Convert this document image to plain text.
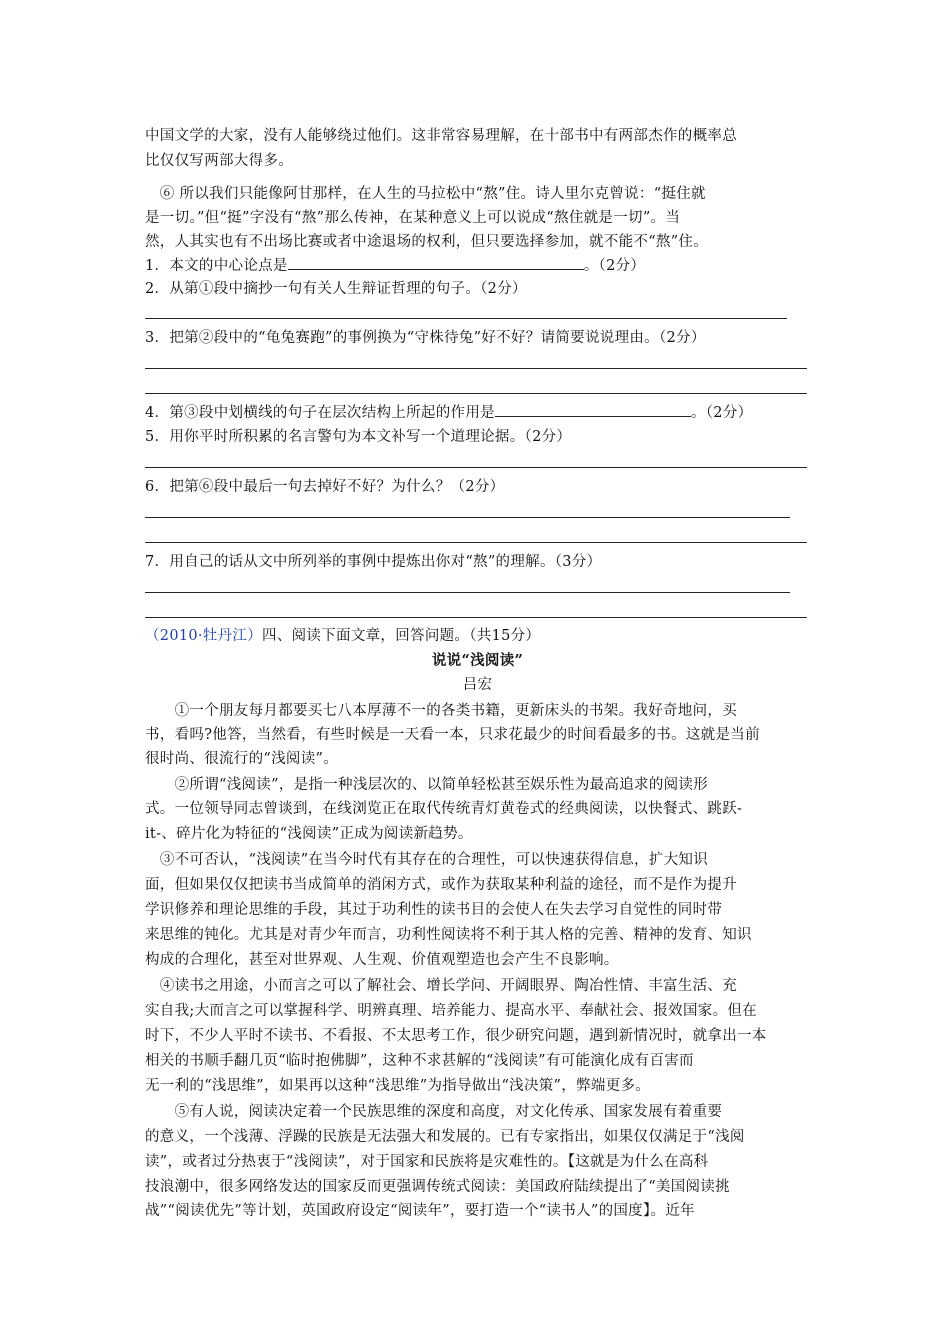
中国文学的大家，没有人能够绕过他们。这非常容易理解，在十部书中有两部杰作的概率总
比仅仅写两部大得多。
　⑥ 所以我们只能像阿甘那样，在人生的马拉松中“熬”住。诗人里尔克曾说：“挺住就
是一切。”但“挺”字没有“熬”那么传神，在某种意义上可以说成“熬住就是一切”。当
然，人其实也有不出场比赛或者中途退场的权利，但只要选择参加，就不能不“熬”住。
1．本文的中心论点是	。（2分）
2．从第①段中摘抄一句有关人生辩证哲理的句子。（2分）
3．把第②段中的“龟兔赛跑”的事例换为“守株待兔”好不好？请简要说说理由。（2分）
4．第③段中划横线的句子在层次结构上所起的作用是	。（2分）
5．用你平时所积累的名言警句为本文补写一个道理论据。（2分）
6．把第⑥段中最后一句去掉好不好？为什么？（2分）
7．用自己的话从文中所列举的事例中提炼出你对“熬”的理解。（3分）
（2010·牡丹江）四、阅读下面文章，回答问题。（共15分）
说说“浅阅读”
吕宏
　　①一个朋友每月都要买七八本厚薄不一的各类书籍，更新床头的书架。我好奇地问，买
书，看吗?他答，当然看，有些时候是一天看一本，只求花最少的时间看最多的书。这就是当前
很时尚、很流行的“浅阅读”。
　　②所谓“浅阅读”，是指一种浅层次的、以简单轻松甚至娱乐性为最高追求的阅读形
式。一位领导同志曾谈到，在线浏览正在取代传统青灯黄卷式的经典阅读，以快餐式、跳跃-
it-、碎片化为特征的“浅阅读”正成为阅读新趋势。
　③不可否认，“浅阅读”在当今时代有其存在的合理性，可以快速获得信息，扩大知识
面，但如果仅仅把读书当成简单的消闲方式，或作为获取某种利益的途径，而不是作为提升
学识修养和理论思维的手段，其过于功利性的读书目的会使人在失去学习自觉性的同时带
来思维的钝化。尤其是对青少年而言，功利性阅读将不利于其人格的完善、精神的发育、知识
构成的合理化，甚至对世界观、人生观、价值观塑造也会产生不良影响。
　④读书之用途，小而言之可以了解社会、增长学问、开阔眼界、陶冶性情、丰富生活、充
实自我;大而言之可以掌握科学、明辨真理、培养能力、提高水平、奉献社会、报效国家。但在
时下，不少人平时不读书、不看报、不太思考工作，很少研究问题，遇到新情况时，就拿出一本
相关的书顺手翻几页“临时抱佛脚”，这种不求甚解的“浅阅读”有可能演化成有百害而
无一利的“浅思维”，如果再以这种“浅思维”为指导做出“浅决策”，弊端更多。
　　⑤有人说，阅读决定着一个民族思维的深度和高度，对文化传承、国家发展有着重要
的意义，一个浅薄、浮躁的民族是无法强大和发展的。已有专家指出，如果仅仅满足于“浅阅
读”，或者过分热衷于“浅阅读”，对于国家和民族将是灾难性的。【这就是为什么在高科
技浪潮中，很多网络发达的国家反而更强调传统式阅读：美国政府陆续提出了“美国阅读挑
战”“阅读优先”等计划，英国政府设定“阅读年”，要打造一个“读书人”的国度】。近年
